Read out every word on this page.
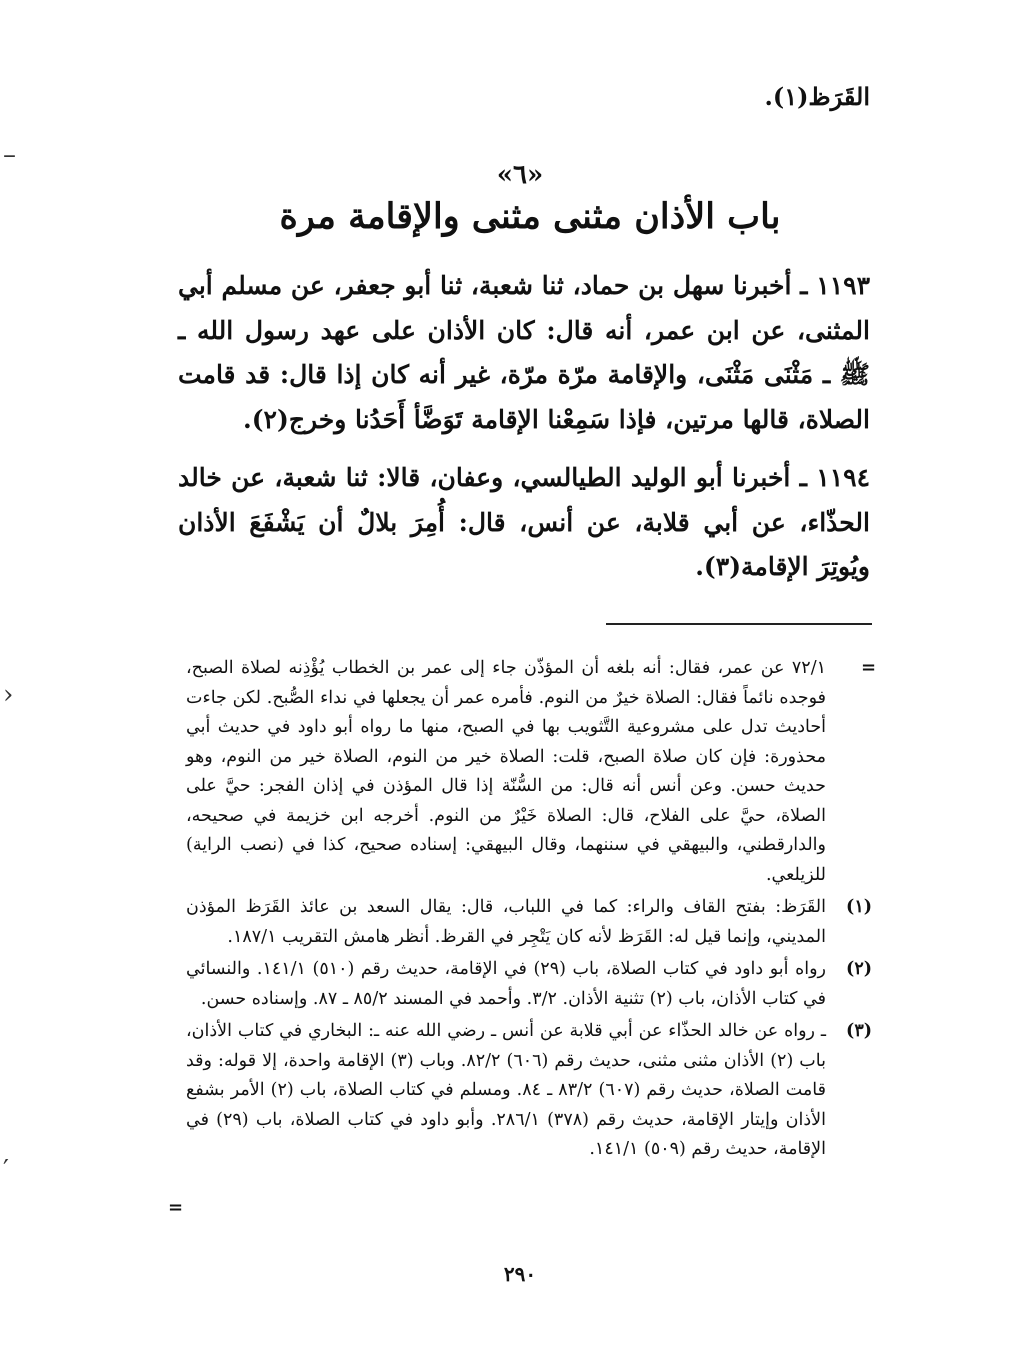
القَرَظ(١).
«٦»
باب الأذان مثنى مثنى والإقامة مرة

١١٩٣ ـ أخبرنا سهل بن حماد، ثنا شعبة، ثنا أبو جعفر، عن مسلم أبي المثنى، عن ابن عمر، أنه قال: كان الأذان على عهد رسول الله ـ ﷺ ـ مَثْنَى مَثْنَى، والإقامة مرّة مرّة، غير أنه كان إذا قال: قد قامت الصلاة، قالها مرتين، فإذا سَمِعْنا الإقامة تَوَضَّأ أَحَدُنا وخرج(٢).

١١٩٤ ـ أخبرنا أبو الوليد الطيالسي، وعفان، قالا: ثنا شعبة، عن خالد الحذّاء، عن أبي قلابة، عن أنس، قال: أُمِرَ بلالٌ أن يَشْفَعَ الأذان ويُوتِرَ الإقامة(٣).

=
٧٢/١ عن عمر، فقال: أنه بلغه أن المؤذّن جاء إلى عمر بن الخطاب يُؤْذِنه لصلاة الصبح، فوجده نائماً فقال: الصلاة خيرٌ من النوم. فأمره عمر أن يجعلها في نداء الصُّبح. لكن جاءت أحاديث تدل على مشروعية التَّثويب بها في الصبح، منها ما رواه أبو داود في حديث أبي محذورة: فإن كان صلاة الصبح، قلت: الصلاة خير من النوم، الصلاة خير من النوم، وهو حديث حسن. وعن أنس أنه قال: من السُّنّة إذا قال المؤذن في إذان الفجر: حيَّ على الصلاة، حيَّ على الفلاح، قال: الصلاة خَيْرٌ من النوم. أخرجه ابن خزيمة في صحيحه، والدارقطني، والبيهقي في سننهما، وقال البيهقي: إسناده صحيح، كذا في (نصب الراية) للزيلعي.
(١)
القَرَظ: بفتح القاف والراء: كما في اللباب، قال: يقال السعد بن عائذ القَرَظ المؤذن المديني، وإنما قيل له: القَرَظ لأنه كان يَتْجِر في القرظ. أنظر هامش التقريب ١٨٧/١.
(٢)
رواه أبو داود في كتاب الصلاة، باب (٢٩) في الإقامة، حديث رقم (٥١٠) ١٤١/١. والنسائي في كتاب الأذان، باب (٢) تثنية الأذان. ٣/٢. وأحمد في المسند ٨٥/٢ ـ ٨٧. وإسناده حسن.
(٣)
ـ رواه عن خالد الحذّاء عن أبي قلابة عن أنس ـ رضي الله عنه ـ: البخاري في كتاب الأذان، باب (٢) الأذان مثنى مثنى، حديث رقم (٦٠٦) ٨٢/٢. وباب (٣) الإقامة واحدة، إلا قوله: وقد قامت الصلاة، حديث رقم (٦٠٧) ٨٣/٢ ـ ٨٤. ومسلم في كتاب الصلاة، باب (٢) الأمر بشفع الأذان وإيتار الإقامة، حديث رقم (٣٧٨) ٢٨٦/١. وأبو داود في كتاب الصلاة، باب (٢٩) في الإقامة، حديث رقم (٥٠٩) ١٤١/١.
=
٢٩٠
–
›
′
